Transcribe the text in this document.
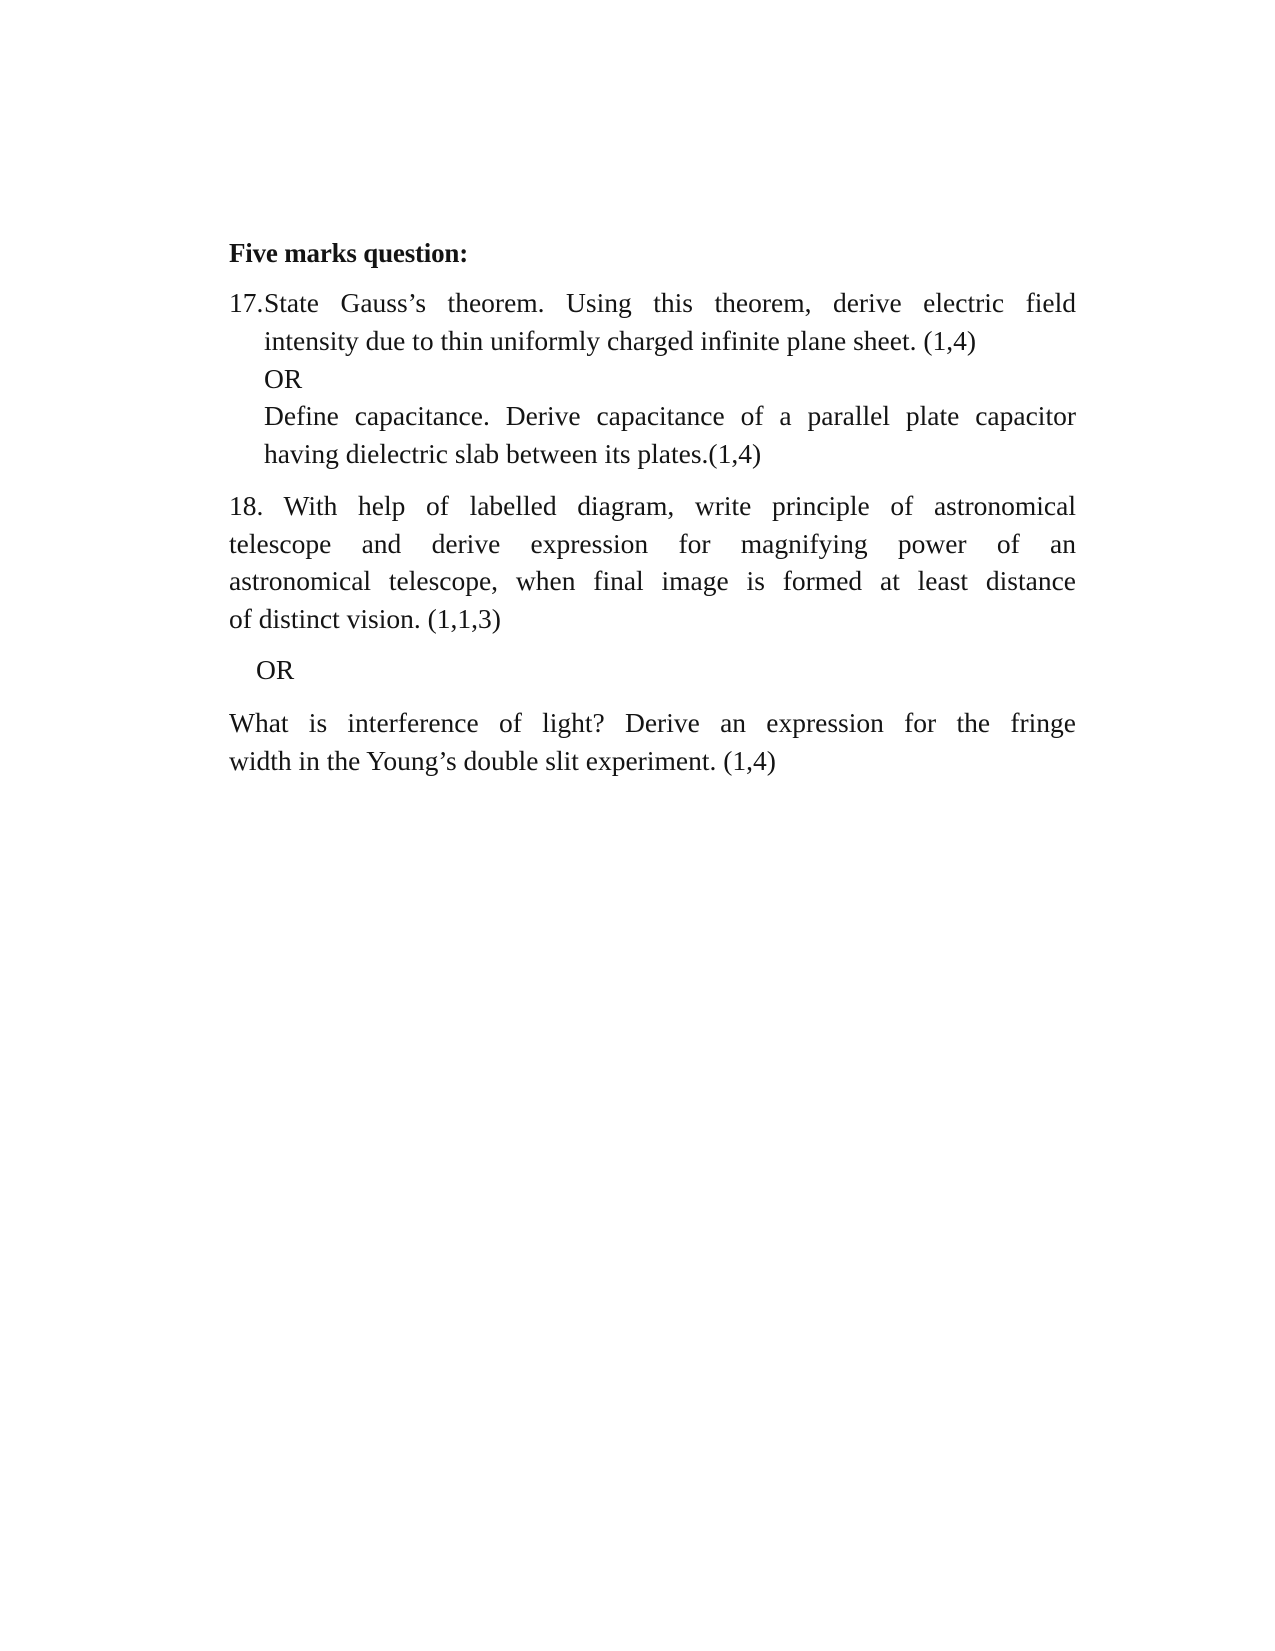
Five marks question:
17. State Gauss’s theorem. Using this theorem, derive electric field
intensity due to thin uniformly charged infinite plane sheet. (1,4)
OR
Define capacitance. Derive capacitance of a parallel plate capacitor
having dielectric slab between its plates.(1,4)
18. With help of labelled diagram, write principle of astronomical
telescope and derive expression for magnifying power of an
astronomical telescope, when final image is formed at least distance
of distinct vision. (1,1,3)
OR
What is interference of light? Derive an expression for the fringe
width in the Young’s double slit experiment. (1,4)
